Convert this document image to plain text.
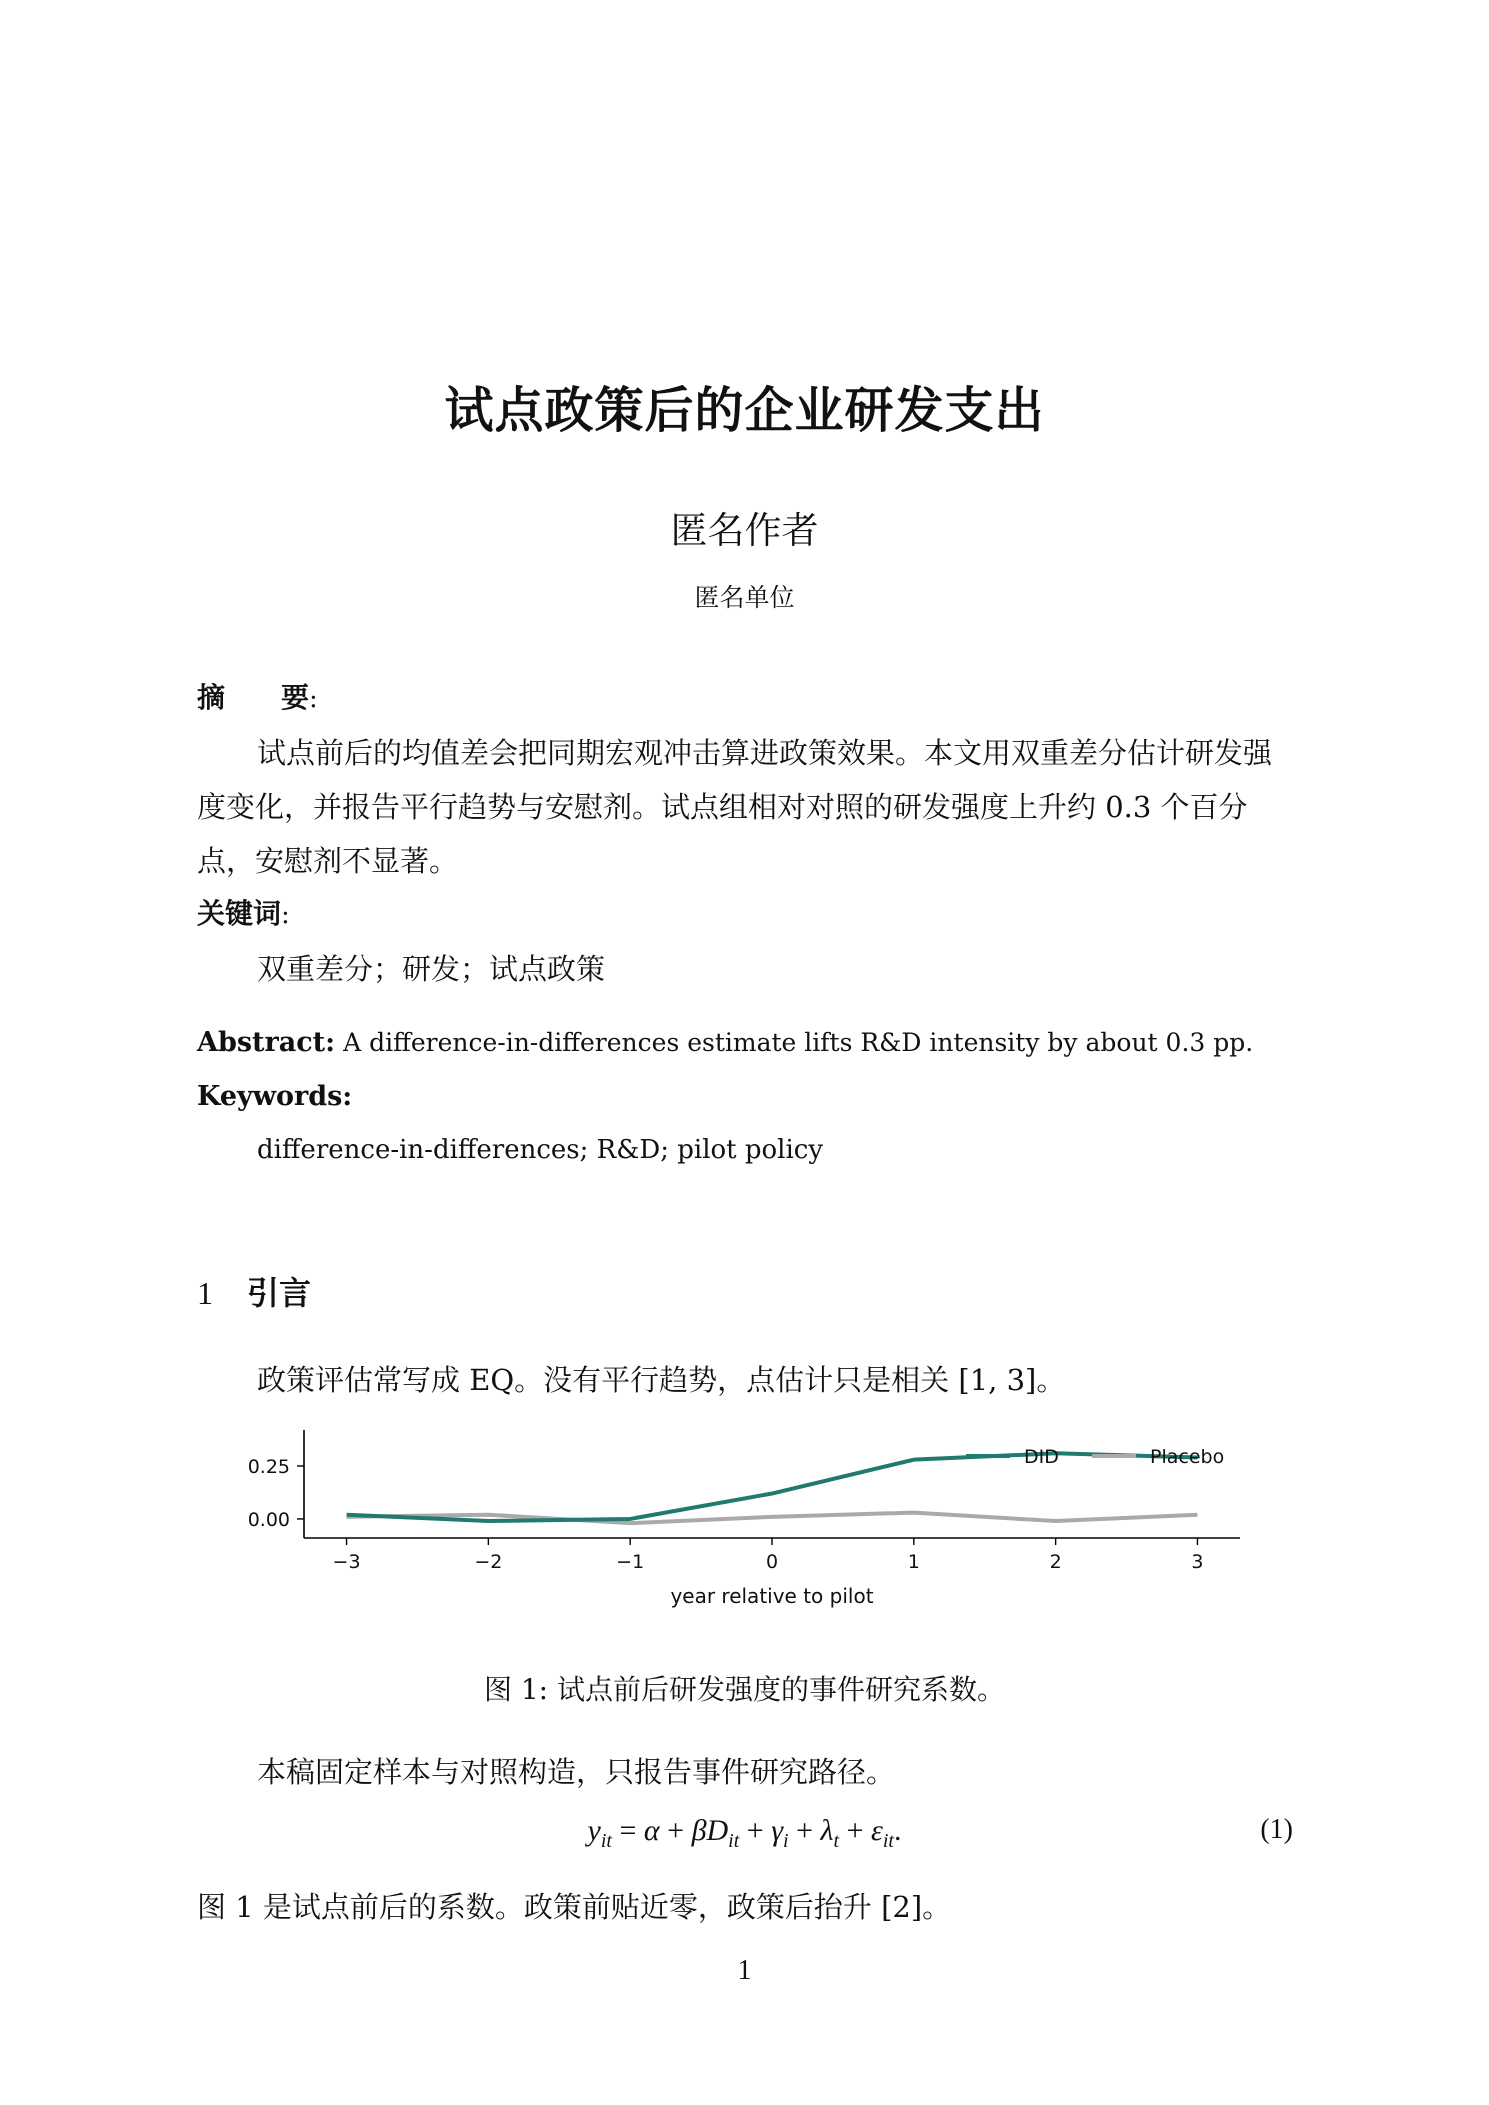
试点政策后的企业研发支出
匿名作者
匿名单位
摘　　要:

试点前后的均值差会把同期宏观冲击算进政策效果。本文用双重差分估计研发强度变化，并报告平行趋势与安慰剂。试点组相对对照的研发强度上升约 0.3 个百分点，安慰剂不显著。

关键词:
双重差分；研发；试点政策
Abstract: A difference-in-differences estimate lifts R&D intensity by about 0.3 pp.
Keywords:
difference-in-differences; R&D; pilot policy
1 引言
政策评估常写成 EQ。没有平行趋势，点估计只是相关 [1, 3]。
−3	−2	−1	0	1	2	3
0.00
0.25
year relative to pilot
DID	Placebo
图 1: 试点前后研发强度的事件研究系数。
本稿固定样本与对照构造，只报告事件研究路径。
$y_{it} = \alpha + \beta D_{it} + \gamma_i + \lambda_t + \varepsilon_{it}$.	(1)
图 1 是试点前后的系数。政策前贴近零，政策后抬升 [2]。
1
